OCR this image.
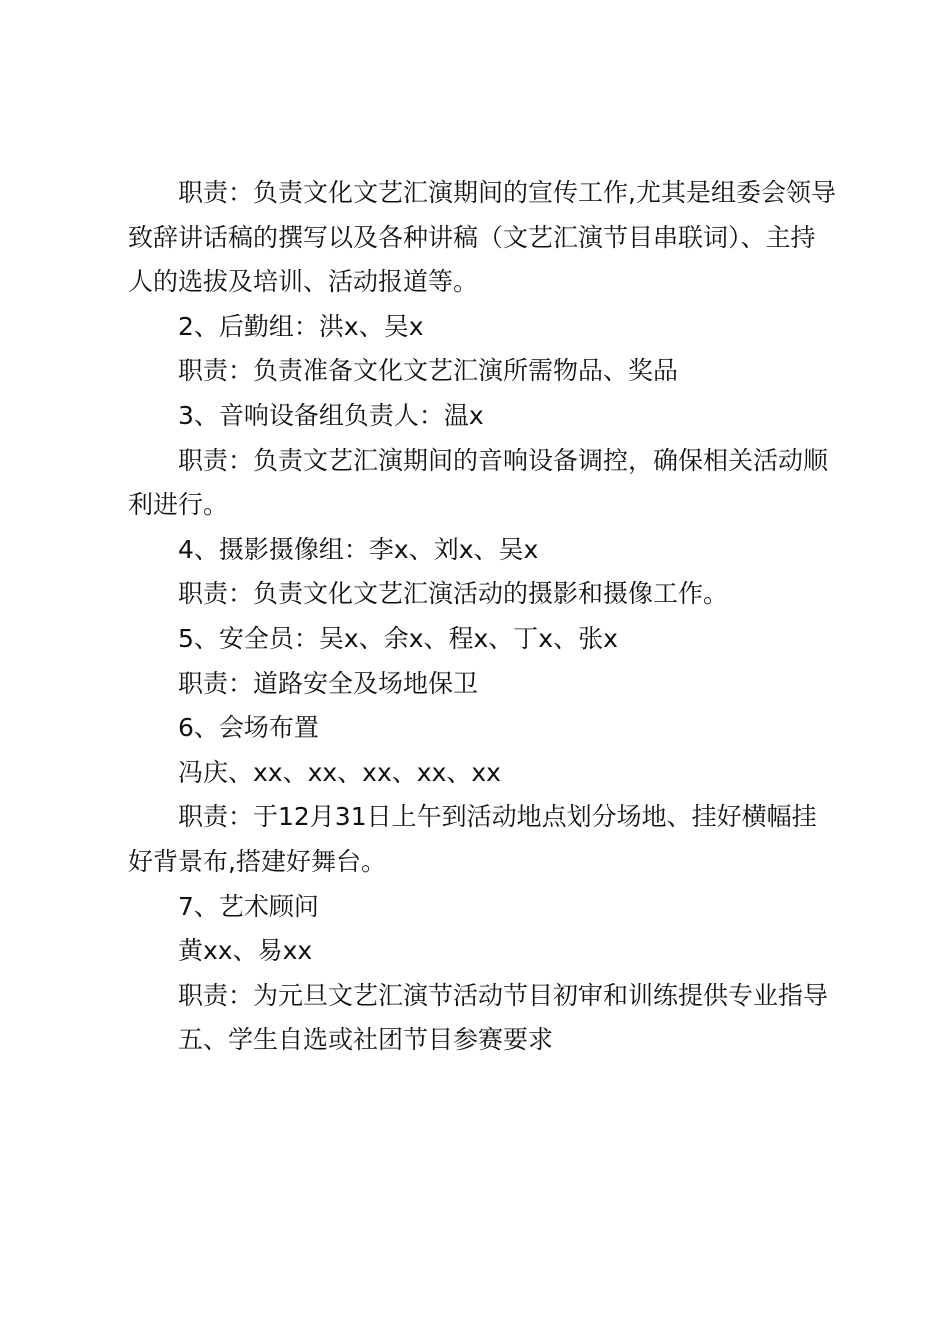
职责：负责文化文艺汇演期间的宣传工作,尤其是组委会领导致辞讲话稿的撰写以及各种讲稿（文艺汇演节目串联词）、主持人的选拔及培训、活动报道等。

2、后勤组：洪x、吴x

职责：负责准备文化文艺汇演所需物品、奖品

3、音响设备组负责人：温x

职责：负责文艺汇演期间的音响设备调控，确保相关活动顺利进行。

4、摄影摄像组：李x、刘x、吴x

职责：负责文化文艺汇演活动的摄影和摄像工作。

5、安全员：吴x、余x、程x、丁x、张x

职责：道路安全及场地保卫

6、会场布置

冯庆、xx、xx、xx、xx、xx

职责：于12月31日上午到活动地点划分场地、挂好横幅挂好背景布,搭建好舞台。

7、艺术顾问

黄xx、易xx

职责：为元旦文艺汇演节活动节目初审和训练提供专业指导

五、学生自选或社团节目参赛要求
